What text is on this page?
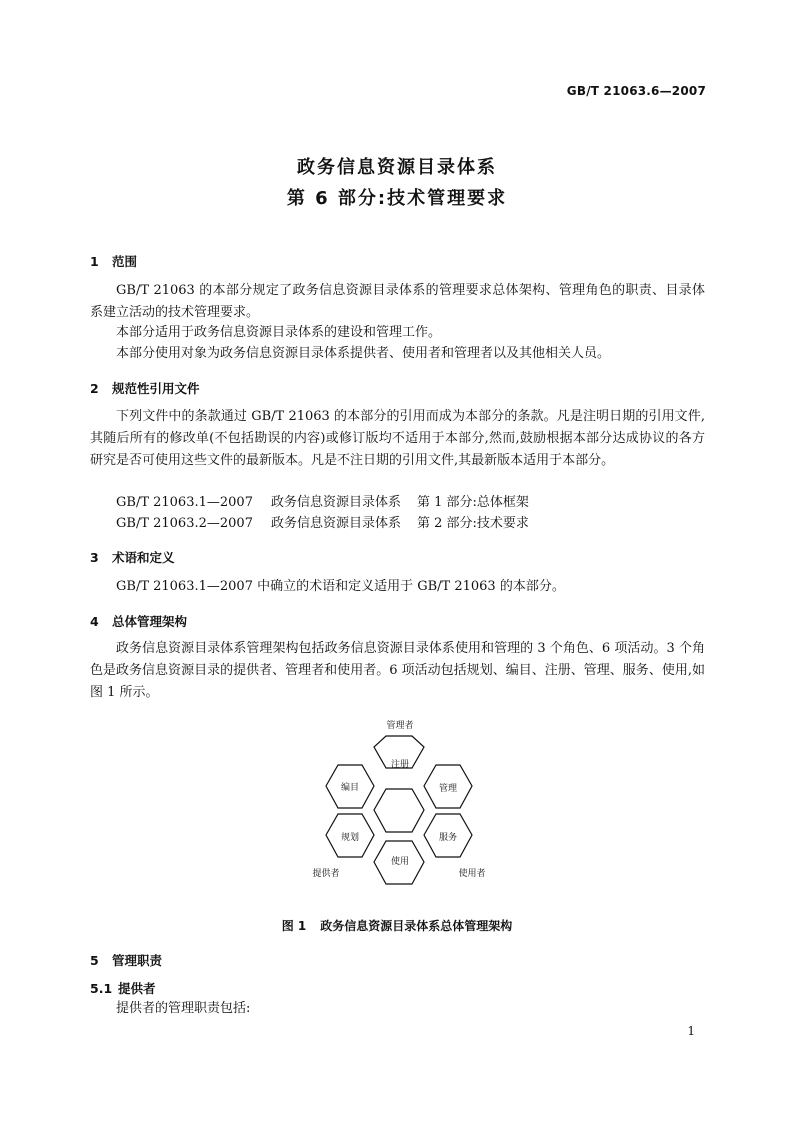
GB/T 21063.6—2007
政务信息资源目录体系
第 6 部分:技术管理要求
1 范围
GB/T 21063 的本部分规定了政务信息资源目录体系的管理要求总体架构、管理角色的职责、目录体系建立活动的技术管理要求。
本部分适用于政务信息资源目录体系的建设和管理工作。
本部分使用对象为政务信息资源目录体系提供者、使用者和管理者以及其他相关人员。
2 规范性引用文件
下列文件中的条款通过 GB/T 21063 的本部分的引用而成为本部分的条款。凡是注明日期的引用文件,其随后所有的修改单(不包括勘误的内容)或修订版均不适用于本部分,然而,鼓励根据本部分达成协议的各方研究是否可使用这些文件的最新版本。凡是不注日期的引用文件,其最新版本适用于本部分。
GB/T 21063.1—2007 政务信息资源目录体系 第 1 部分:总体框架
GB/T 21063.2—2007 政务信息资源目录体系 第 2 部分:技术要求
3 术语和定义
GB/T 21063.1—2007 中确立的术语和定义适用于 GB/T 21063 的本部分。
4 总体管理架构
政务信息资源目录体系管理架构包括政务信息资源目录体系使用和管理的 3 个角色、6 项活动。3 个角色是政务信息资源目录的提供者、管理者和使用者。6 项活动包括规划、编目、注册、管理、服务、使用,如图 1 所示。
管理者
注册
编目	管理
规划	服务
使用
提供者	使用者
图 1 政务信息资源目录体系总体管理架构
5 管理职责
5.1 提供者
提供者的管理职责包括:
1
